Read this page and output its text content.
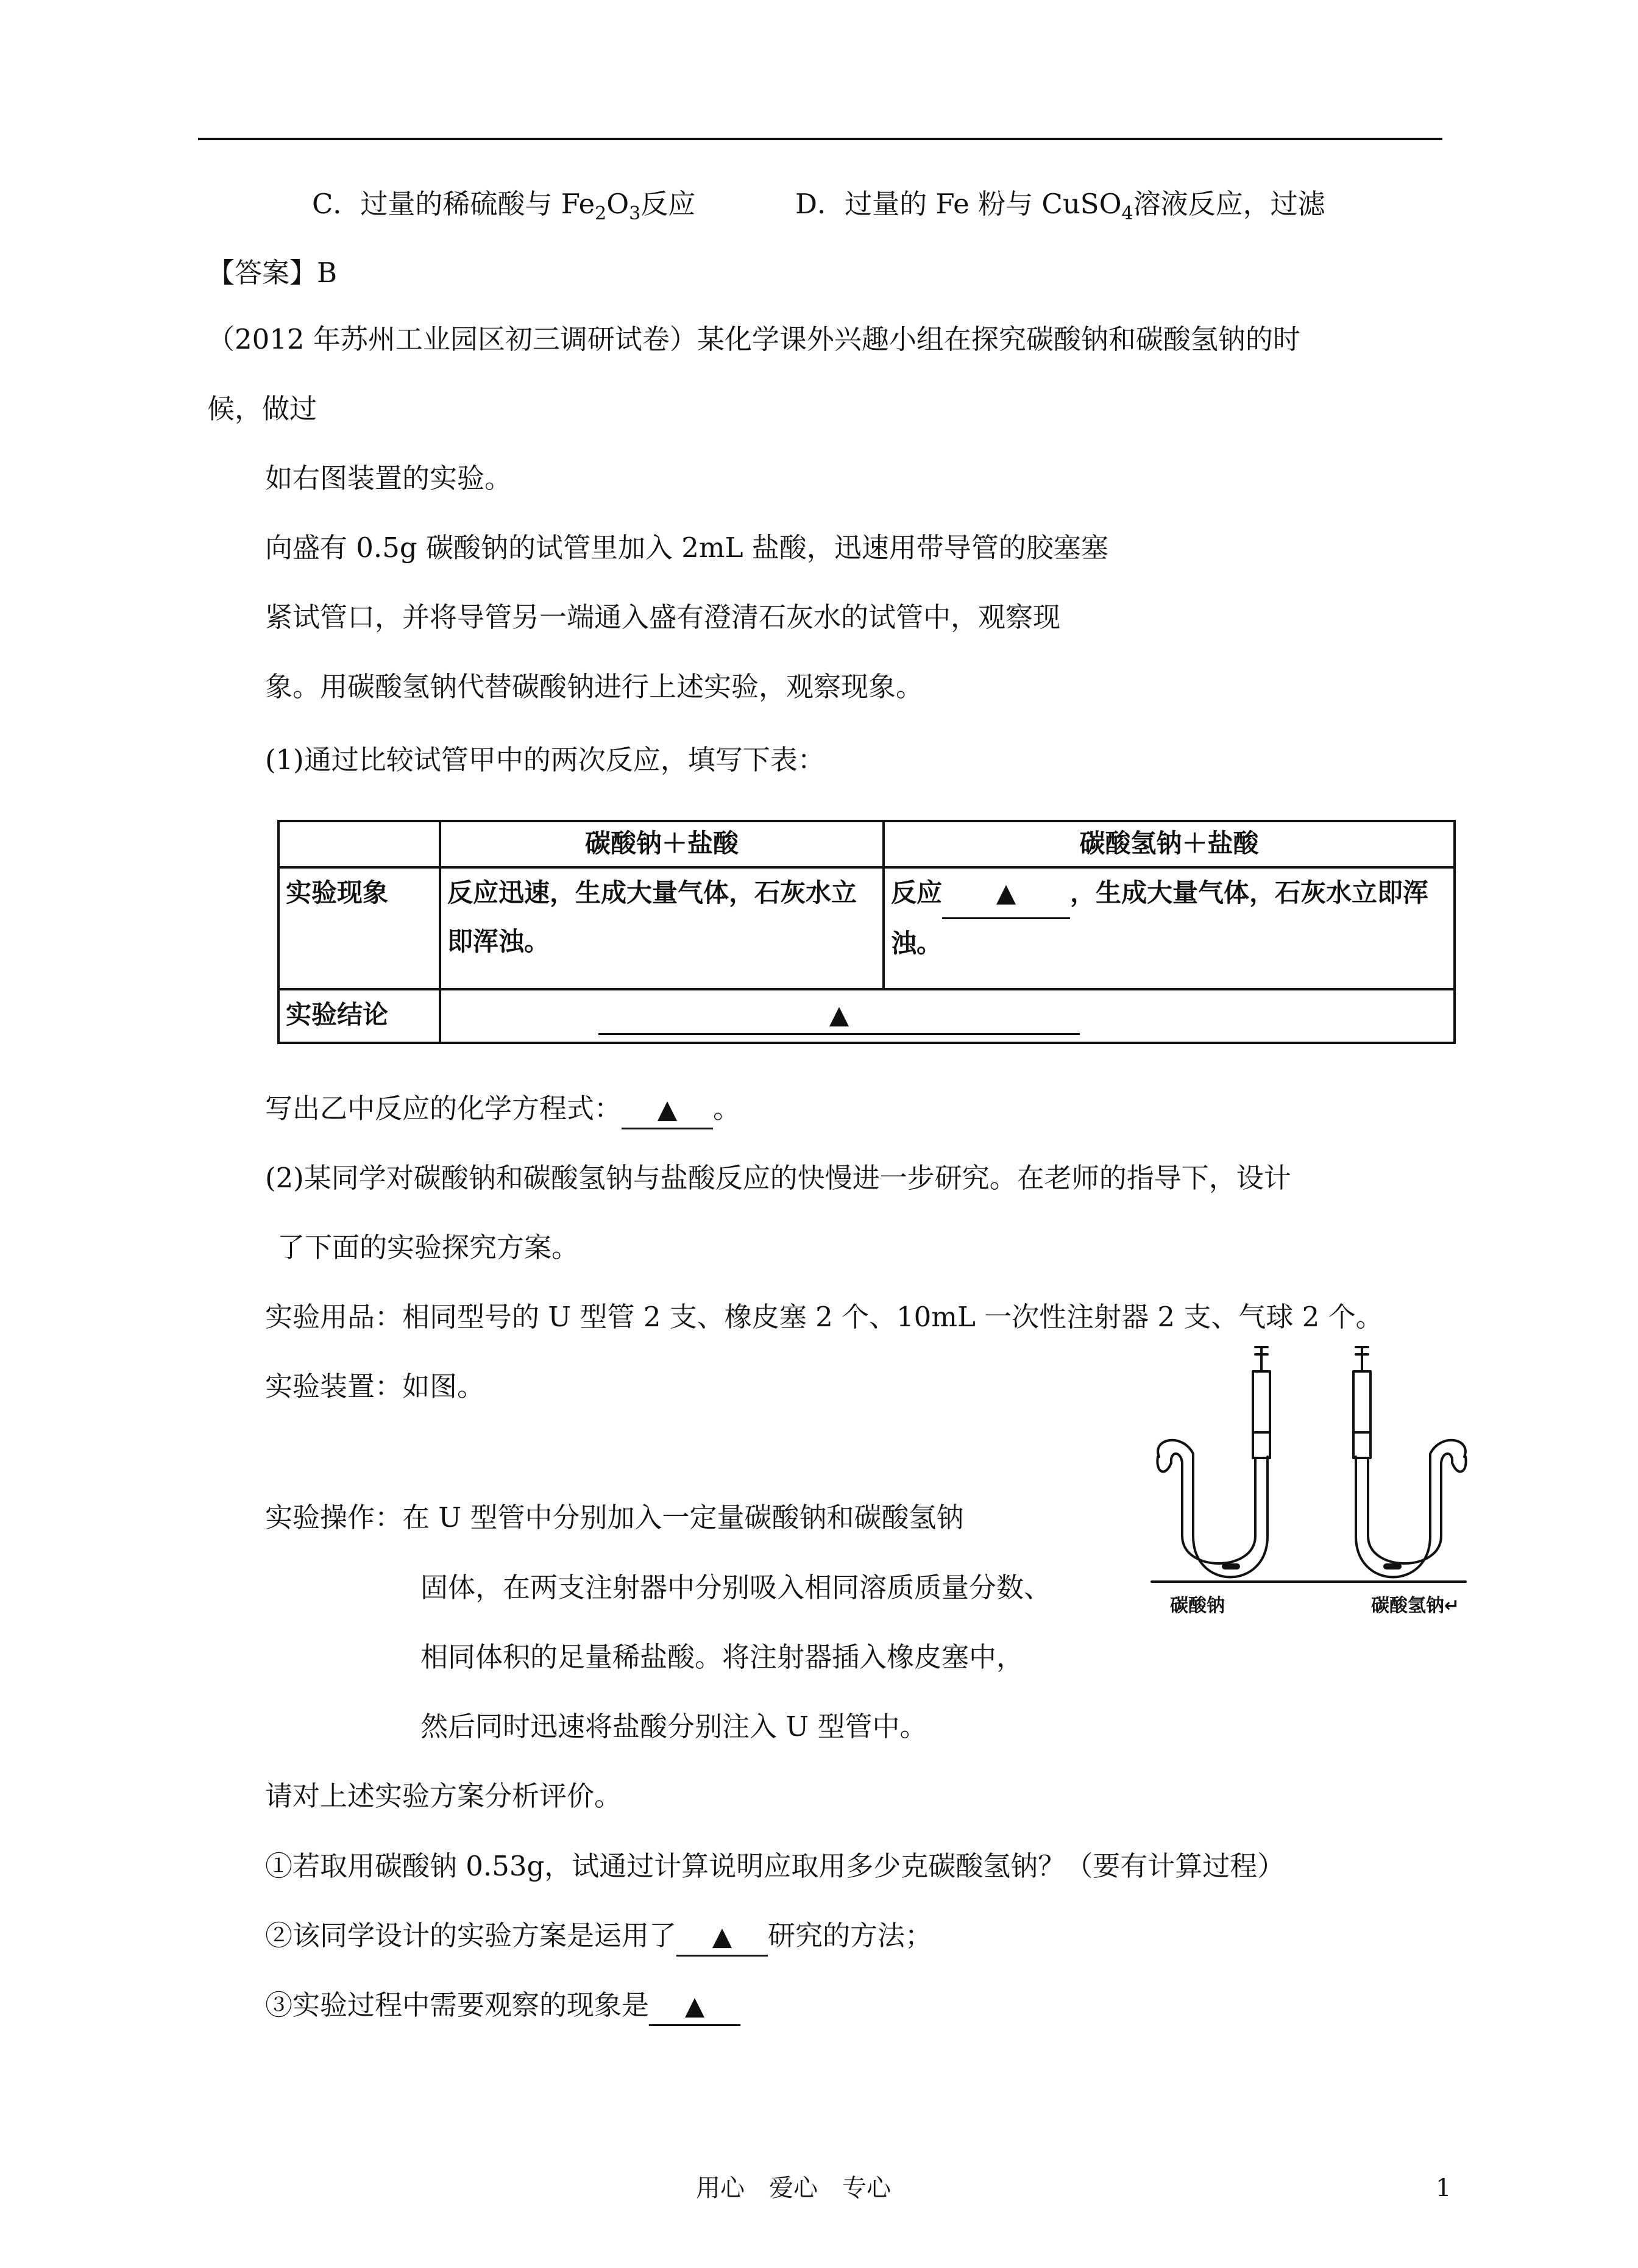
C．过量的稀硫酸与 $Fe_2O_3$反应	D．过量的 Fe 粉与 CuSO$_4$溶液反应，过滤
【答案】B
（2012 年苏州工业园区初三调研试卷）某化学课外兴趣小组在探究碳酸钠和碳酸氢钠的时
候，做过
如右图装置的实验。
向盛有 0.5g 碳酸钠的试管里加入 2mL 盐酸，迅速用带导管的胶塞塞
紧试管口，并将导管另一端通入盛有澄清石灰水的试管中，观察现
象。用碳酸氢钠代替碳酸钠进行上述实验，观察现象。
(1)通过比较试管甲中的两次反应，填写下表：
	碳酸钠＋盐酸	碳酸氢钠＋盐酸
实验现象	反应迅速，生成大量气体，石灰水立即浑浊。	反应 ▲ ，生成大量气体，石灰水立即浑浊。
实验结论	▲	
写出乙中反应的化学方程式： ▲ 。
(2)某同学对碳酸钠和碳酸氢钠与盐酸反应的快慢进一步研究。在老师的指导下，设计
了下面的实验探究方案。
实验用品：相同型号的 U 型管 2 支、橡皮塞 2 个、10mL 一次性注射器 2 支、气球 2 个。
实验装置：如图。
实验操作：在 U 型管中分别加入一定量碳酸钠和碳酸氢钠
固体，在两支注射器中分别吸入相同溶质质量分数、
相同体积的足量稀盐酸。将注射器插入橡皮塞中，
然后同时迅速将盐酸分别注入 U 型管中。
请对上述实验方案分析评价。
①若取用碳酸钠 0.53g，试通过计算说明应取用多少克碳酸氢钠？（要有计算过程）
②该同学设计的实验方案是运用了 ▲ 研究的方法；
③实验过程中需要观察的现象是 ▲
碳酸钠	碳酸氢钠↵
用心　爱心　专心	1
